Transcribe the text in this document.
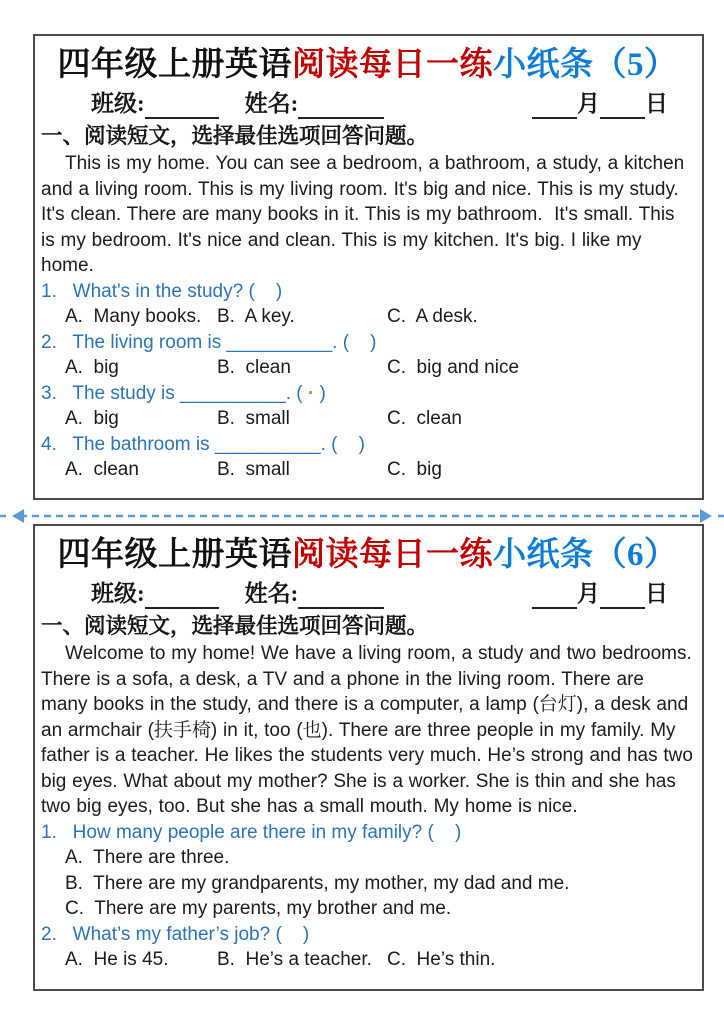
四年级上册英语阅读每日一练小纸条（5）
班级:	姓名:	月 日
一、阅读短文，选择最佳选项回答问题。
This is my home. You can see a bedroom, a bathroom, a study, a kitchen and a living room. This is my living room. It's big and nice. This is my study. It's clean. There are many books in it. This is my bathroom.  It's small. This is my bedroom. It's nice and clean. This is my kitchen. It's big. I like my home.
1.   What's in the study? (    )
A.  Many books. B.  A key.	C.  A desk.
2.   The living room is __________. (    )
A.  big	B.  clean	C.  big and nice
3.   The study is __________. ( · )
A.  big	B.  small	C.  clean
4.   The bathroom is __________. (    )
A.  clean	B.  small	C.  big
四年级上册英语阅读每日一练小纸条（6）
班级:	姓名:	月 日
一、阅读短文，选择最佳选项回答问题。
Welcome to my home! We have a living room, a study and two bedrooms. There is a sofa, a desk, a TV and a phone in the living room. There are many books in the study, and there is a computer, a lamp (台灯), a desk and an armchair (扶手椅) in it, too (也). There are three people in my family. My father is a teacher. He likes the students very much. He’s strong and has two big eyes. What about my mother? She is a worker. She is thin and she has two big eyes, too. But she has a small mouth. My home is nice.
1.   How many people are there in my family? (    )
A.  There are three.
B.  There are my grandparents, my mother, my dad and me.
C.  There are my parents, my brother and me.
2.   What’s my father’s job? (    )
A.  He is 45.	B.  He’s a teacher. C.  He’s thin.
